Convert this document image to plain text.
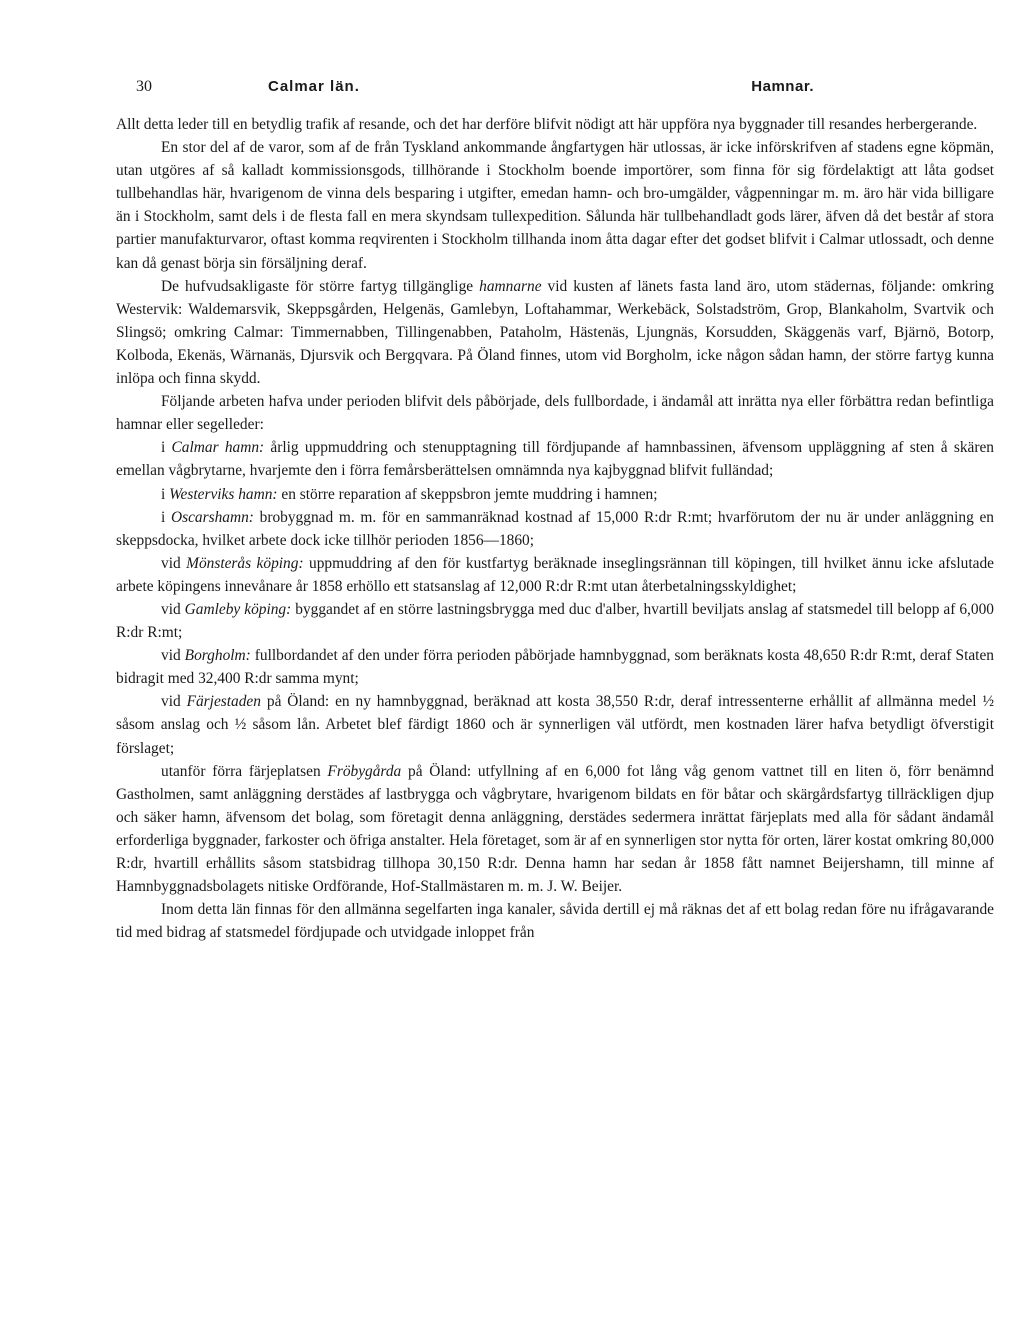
30	Calmar län.	Hamnar.

Allt detta leder till en betydlig trafik af resande, och det har derföre blifvit nödigt att här uppföra nya byggnader till resandes herbergerande.

En stor del af de varor, som af de från Tyskland ankommande ångfartygen här utlossas, är icke införskrifven af stadens egne köpmän, utan utgöres af så kalladt kommissionsgods, tillhörande i Stockholm boende importörer, som finna för sig fördelaktigt att låta godset tullbehandlas här, hvarigenom de vinna dels besparing i utgifter, emedan hamn- och bro-umgälder, vågpenningar m. m. äro här vida billigare än i Stockholm, samt dels i de flesta fall en mera skyndsam tullexpedition. Sålunda här tullbehandladt gods lärer, äfven då det består af stora partier manufakturvaror, oftast komma reqvirenten i Stockholm tillhanda inom åtta dagar efter det godset blifvit i Calmar utlossadt, och denne kan då genast börja sin försäljning deraf.

De hufvudsakligaste för större fartyg tillgänglige hamnarne vid kusten af länets fasta land äro, utom städernas, följande: omkring Westervik: Waldemarsvik, Skeppsgården, Helgenäs, Gamlebyn, Loftahammar, Werkebäck, Solstadström, Grop, Blankaholm, Svartvik och Slingsö; omkring Calmar: Timmernabben, Tillingenabben, Pataholm, Hästenäs, Ljungnäs, Korsudden, Skäggenäs varf, Bjärnö, Botorp, Kolboda, Ekenäs, Wärnanäs, Djursvik och Bergqvara. På Öland finnes, utom vid Borgholm, icke någon sådan hamn, der större fartyg kunna inlöpa och finna skydd.

Följande arbeten hafva under perioden blifvit dels påbörjade, dels fullbordade, i ändamål att inrätta nya eller förbättra redan befintliga hamnar eller segelleder:

i Calmar hamn: årlig uppmuddring och stenupptagning till fördjupande af hamnbassinen, äfvensom uppläggning af sten å skären emellan vågbrytarne, hvarjemte den i förra femårsberättelsen omnämnda nya kajbyggnad blifvit fulländad;

i Westerviks hamn: en större reparation af skeppsbron jemte muddring i hamnen;

i Oscarshamn: brobyggnad m. m. för en sammanräknad kostnad af 15,000 R:dr R:mt; hvarförutom der nu är under anläggning en skeppsdocka, hvilket arbete dock icke tillhör perioden 1856—1860;

vid Mönsterås köping: uppmuddring af den för kustfartyg beräknade inseglingsrännan till köpingen, till hvilket ännu icke afslutade arbete köpingens innevånare år 1858 erhöllo ett statsanslag af 12,000 R:dr R:mt utan återbetalningsskyldighet;

vid Gamleby köping: byggandet af en större lastningsbrygga med duc d'alber, hvartill beviljats anslag af statsmedel till belopp af 6,000 R:dr R:mt;

vid Borgholm: fullbordandet af den under förra perioden påbörjade hamnbyggnad, som beräknats kosta 48,650 R:dr R:mt, deraf Staten bidragit med 32,400 R:dr samma mynt;

vid Färjestaden på Öland: en ny hamnbyggnad, beräknad att kosta 38,550 R:dr, deraf intressenterne erhållit af allmänna medel ½ såsom anslag och ½ såsom lån. Arbetet blef färdigt 1860 och är synnerligen väl utfördt, men kostnaden lärer hafva betydligt öfverstigit förslaget;

utanför förra färjeplatsen Fröbygårda på Öland: utfyllning af en 6,000 fot lång våg genom vattnet till en liten ö, förr benämnd Gastholmen, samt anläggning derstädes af lastbrygga och vågbrytare, hvarigenom bildats en för båtar och skärgårdsfartyg tillräckligen djup och säker hamn, äfvensom det bolag, som företagit denna anläggning, derstädes sedermera inrättat färjeplats med alla för sådant ändamål erforderliga byggnader, farkoster och öfriga anstalter. Hela företaget, som är af en synnerligen stor nytta för orten, lärer kostat omkring 80,000 R:dr, hvartill erhållits såsom statsbidrag tillhopa 30,150 R:dr. Denna hamn har sedan år 1858 fått namnet Beijershamn, till minne af Hamnbyggnadsbolagets nitiske Ordförande, Hof-Stallmästaren m. m. J. W. Beijer.

Inom detta län finnas för den allmänna segelfarten inga kanaler, såvida dertill ej må räknas det af ett bolag redan före nu ifrågavarande tid med bidrag af statsmedel fördjupade och utvidgade inloppet från
